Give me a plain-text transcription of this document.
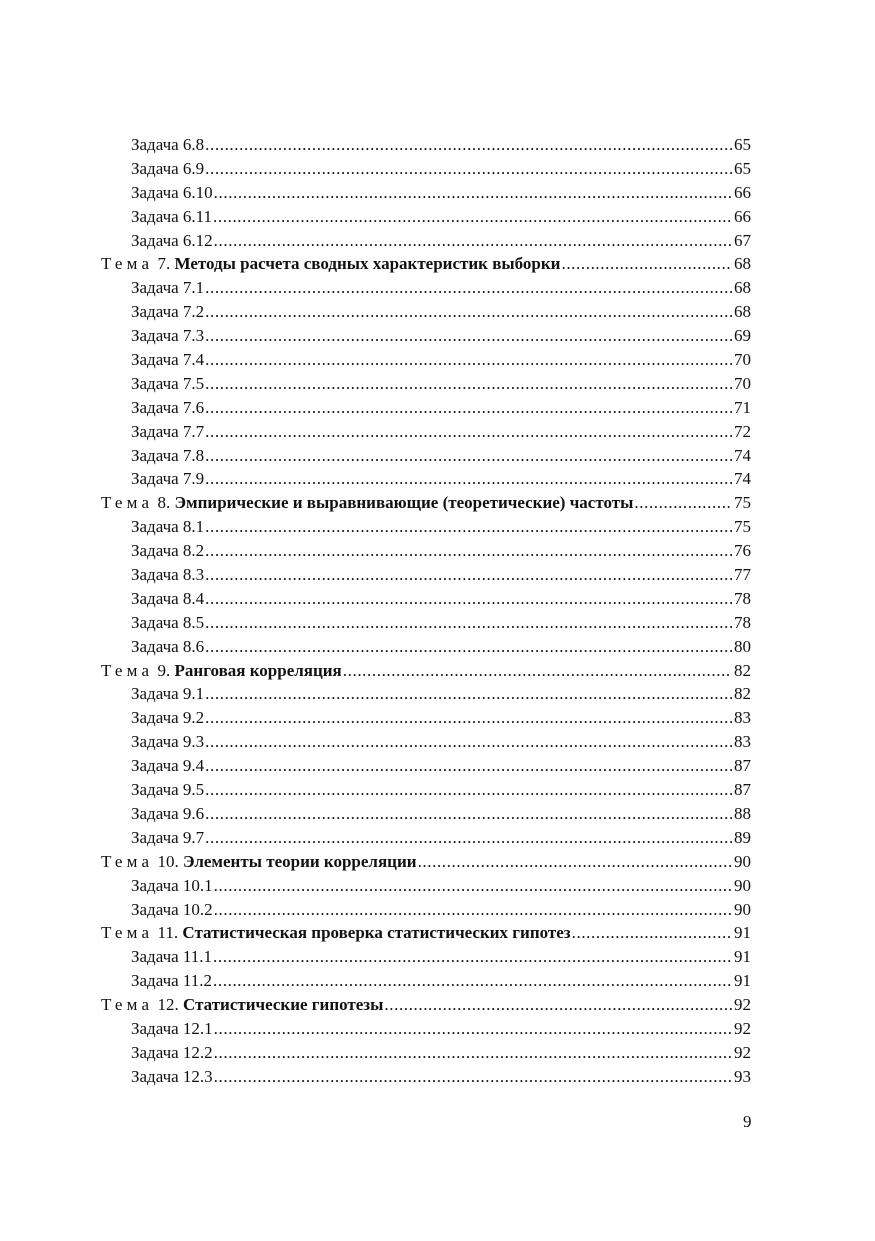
Задача 6.8 .....	65
Задача 6.9 .....	65
Задача 6.10 .....	66
Задача 6.11 .....	66
Задача 6.12 .....	67
Тема 7. Методы расчета сводных характеристик выборки .....	68
Задача 7.1 .....	68
Задача 7.2 .....	68
Задача 7.3 .....	69
Задача 7.4 .....	70
Задача 7.5 .....	70
Задача 7.6 .....	71
Задача 7.7 .....	72
Задача 7.8 .....	74
Задача 7.9 .....	74
Тема 8. Эмпирические и выравнивающие (теоретические) частоты .....	75
Задача 8.1 .....	75
Задача 8.2 .....	76
Задача 8.3 .....	77
Задача 8.4 .....	78
Задача 8.5 .....	78
Задача 8.6 .....	80
Тема 9. Ранговая корреляция .....	82
Задача 9.1 .....	82
Задача 9.2 .....	83
Задача 9.3 .....	83
Задача 9.4 .....	87
Задача 9.5 .....	87
Задача 9.6 .....	88
Задача 9.7 .....	89
Тема 10. Элементы теории корреляции .....	90
Задача 10.1 .....	90
Задача 10.2 .....	90
Тема 11. Статистическая проверка статистических гипотез .....	91
Задача 11.1 .....	91
Задача 11.2 .....	91
Тема 12. Статистические гипотезы .....	92
Задача 12.1 .....	92
Задача 12.2 .....	92
Задача 12.3 .....	93
9
